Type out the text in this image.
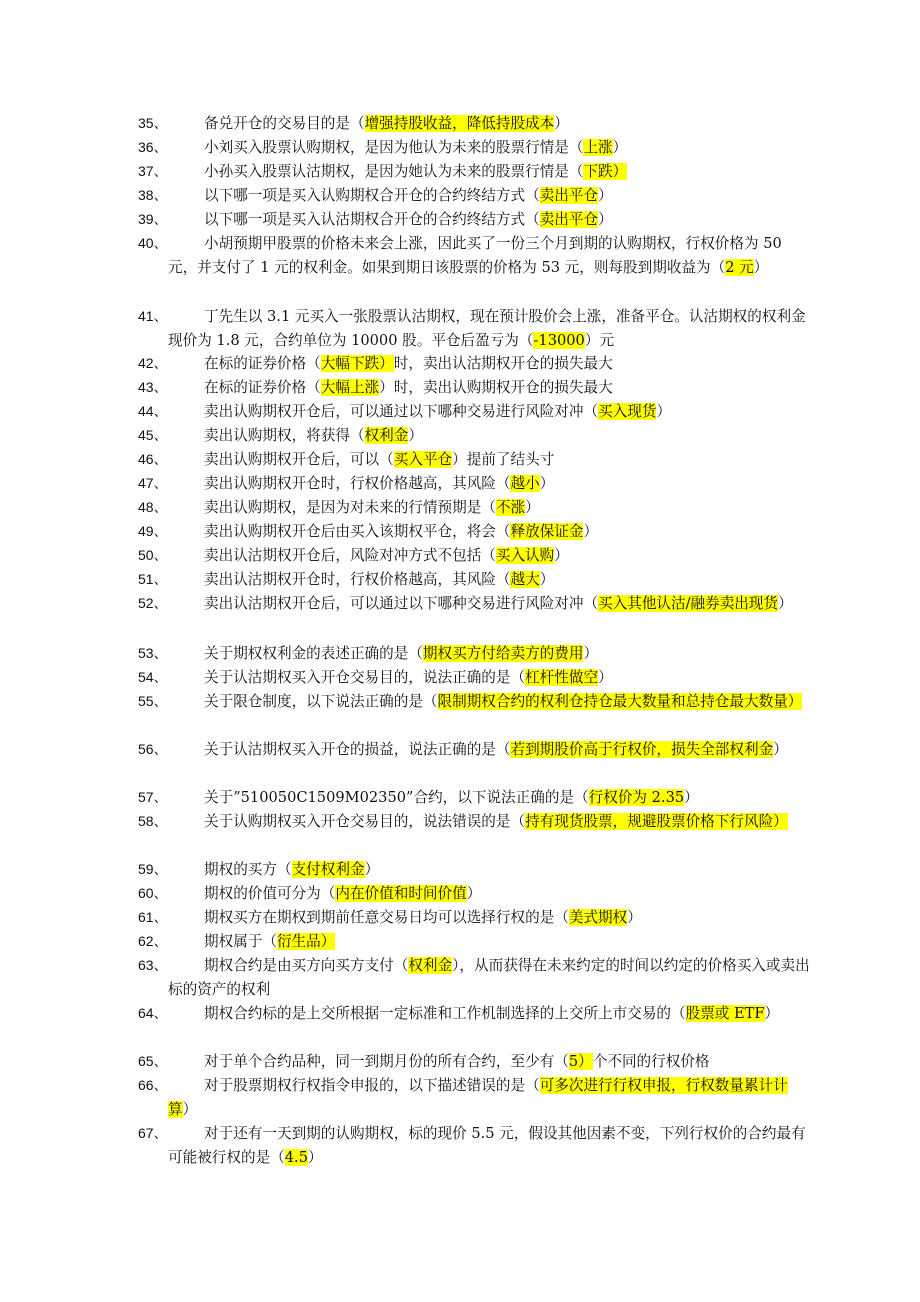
35、	备兑开仓的交易目的是（增强持股收益，降低持股成本）
36、	小刘买入股票认购期权，是因为他认为未来的股票行情是（上涨）
37、	小孙买入股票认沽期权，是因为她认为未来的股票行情是（下跌）
38、	以下哪一项是买入认购期权合开仓的合约终结方式（卖出平仓）
39、	以下哪一项是买入认沽期权合开仓的合约终结方式（卖出平仓）
40、	小胡预期甲股票的价格未来会上涨，因此买了一份三个月到期的认购期权，行权价格为 50 元，并支付了 1 元的权利金。如果到期日该股票的价格为 53 元，则每股到期收益为（2 元）
41、	丁先生以 3.1 元买入一张股票认沽期权，现在预计股价会上涨，准备平仓。认沽期权的权利金现价为 1.8 元，合约单位为 10000 股。平仓后盈亏为（-13000）元
42、	在标的证券价格（大幅下跌）时，卖出认沽期权开仓的损失最大
43、	在标的证券价格（大幅上涨）时，卖出认购期权开仓的损失最大
44、	卖出认购期权开仓后，可以通过以下哪种交易进行风险对冲（买入现货）
45、	卖出认购期权，将获得（权利金）
46、	卖出认购期权开仓后，可以（买入平仓）提前了结头寸
47、	卖出认购期权开仓时，行权价格越高，其风险（越小）
48、	卖出认购期权，是因为对未来的行情预期是（不涨）
49、	卖出认购期权开仓后由买入该期权平仓，将会（释放保证金）
50、	卖出认沽期权开仓后，风险对冲方式不包括（买入认购）
51、	卖出认沽期权开仓时，行权价格越高，其风险（越大）
52、	卖出认沽期权开仓后，可以通过以下哪种交易进行风险对冲（买入其他认沽/融券卖出现货）
53、	关于期权权利金的表述正确的是（期权买方付给卖方的费用）
54、	关于认沽期权买入开仓交易目的，说法正确的是（杠杆性做空）
55、	关于限仓制度，以下说法正确的是（限制期权合约的权利仓持仓最大数量和总持仓最大数量）
56、	关于认沽期权买入开仓的损益，说法正确的是（若到期股价高于行权价，损失全部权利金）
57、	关于”510050C1509M02350”合约，以下说法正确的是（行权价为 2.35）
58、	关于认购期权买入开仓交易目的，说法错误的是（持有现货股票，规避股票价格下行风险）
59、	期权的买方（支付权利金）
60、	期权的价值可分为（内在价值和时间价值）
61、	期权买方在期权到期前任意交易日均可以选择行权的是（美式期权）
62、	期权属于（衍生品）
63、	期权合约是由买方向买方支付（权利金），从而获得在未来约定的时间以约定的价格买入或卖出标的资产的权利
64、	期权合约标的是上交所根据一定标准和工作机制选择的上交所上市交易的（股票或 ETF）
65、	对于单个合约品种，同一到期月份的所有合约，至少有（5）个不同的行权价格
66、	对于股票期权行权指令申报的，以下描述错误的是（可多次进行行权申报，行权数量累计计算）
67、	对于还有一天到期的认购期权，标的现价 5.5 元，假设其他因素不变，下列行权价的合约最有可能被行权的是（4.5）
